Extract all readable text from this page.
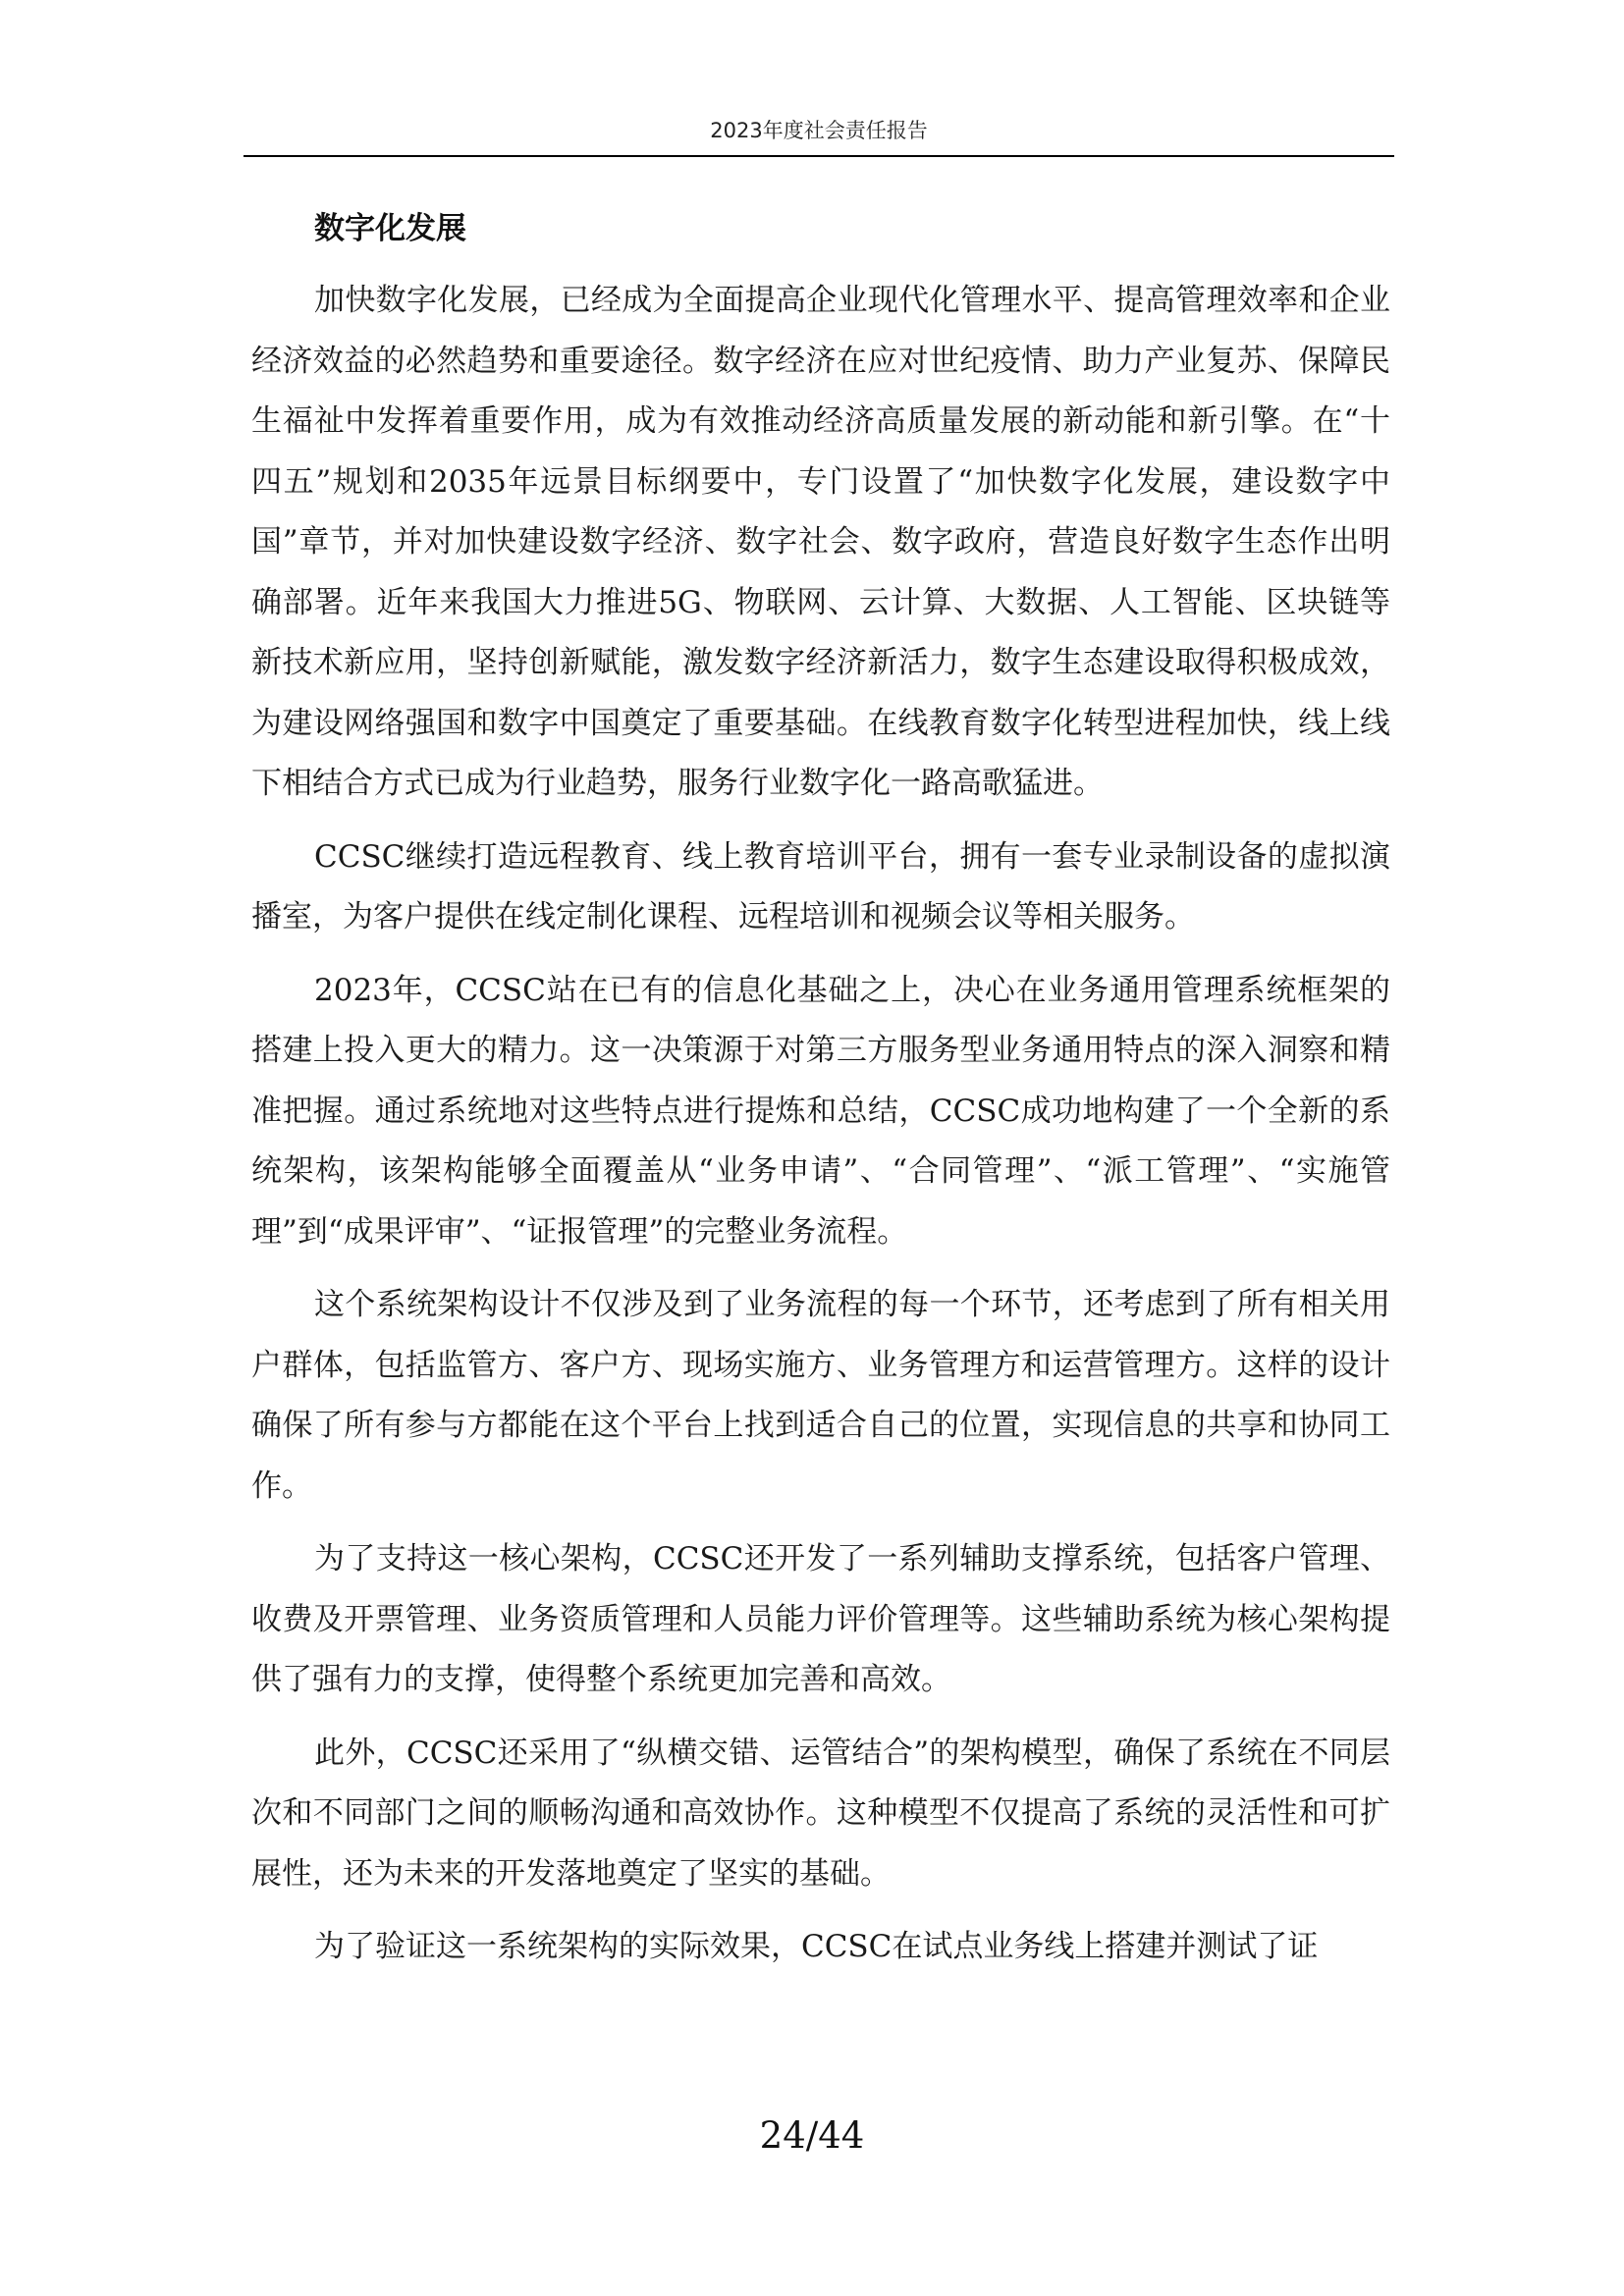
2023年度社会责任报告
数字化发展

加快数字化发展，已经成为全面提高企业现代化管理水平、提高管理效率和企业经济效益的必然趋势和重要途径。数字经济在应对世纪疫情、助力产业复苏、保障民生福祉中发挥着重要作用，成为有效推动经济高质量发展的新动能和新引擎。在“十四五”规划和2035年远景目标纲要中，专门设置了“加快数字化发展，建设数字中国”章节，并对加快建设数字经济、数字社会、数字政府，营造良好数字生态作出明确部署。近年来我国大力推进5G、物联网、云计算、大数据、人工智能、区块链等新技术新应用，坚持创新赋能，激发数字经济新活力，数字生态建设取得积极成效，为建设网络强国和数字中国奠定了重要基础。在线教育数字化转型进程加快，线上线下相结合方式已成为行业趋势，服务行业数字化一路高歌猛进。

CCSC继续打造远程教育、线上教育培训平台，拥有一套专业录制设备的虚拟演播室，为客户提供在线定制化课程、远程培训和视频会议等相关服务。

2023年，CCSC站在已有的信息化基础之上，决心在业务通用管理系统框架的搭建上投入更大的精力。这一决策源于对第三方服务型业务通用特点的深入洞察和精准把握。通过系统地对这些特点进行提炼和总结，CCSC成功地构建了一个全新的系统架构，该架构能够全面覆盖从“业务申请”、“合同管理”、“派工管理”、“实施管理”到“成果评审”、“证报管理”的完整业务流程。

这个系统架构设计不仅涉及到了业务流程的每一个环节，还考虑到了所有相关用户群体，包括监管方、客户方、现场实施方、业务管理方和运营管理方。这样的设计确保了所有参与方都能在这个平台上找到适合自己的位置，实现信息的共享和协同工作。

为了支持这一核心架构，CCSC还开发了一系列辅助支撑系统，包括客户管理、收费及开票管理、业务资质管理和人员能力评价管理等。这些辅助系统为核心架构提供了强有力的支撑，使得整个系统更加完善和高效。

此外，CCSC还采用了“纵横交错、运管结合”的架构模型，确保了系统在不同层次和不同部门之间的顺畅沟通和高效协作。这种模型不仅提高了系统的灵活性和可扩展性，还为未来的开发落地奠定了坚实的基础。

为了验证这一系统架构的实际效果，CCSC在试点业务线上搭建并测试了证

24/44
